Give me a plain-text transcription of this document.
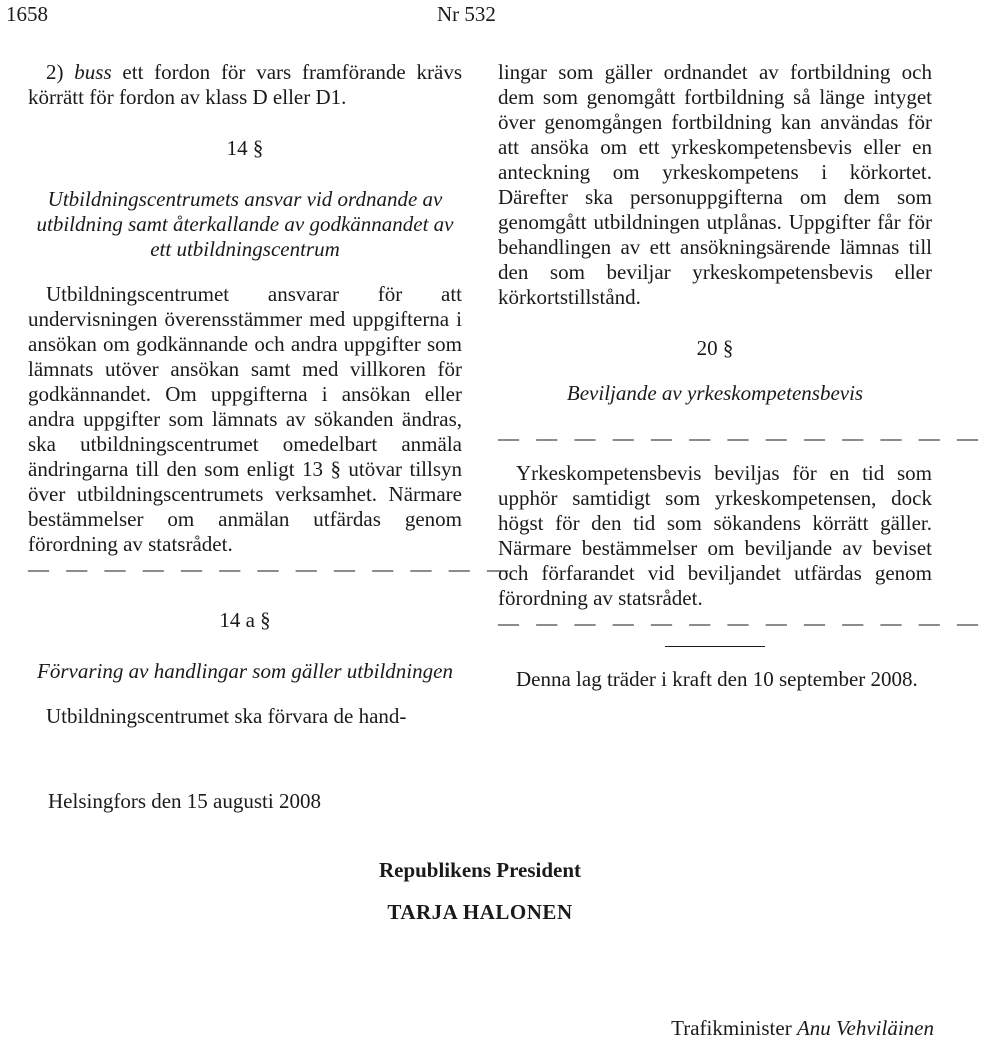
1658	Nr 532

2) buss ett fordon för vars framförande krävs körrätt för fordon av klass D eller D1.

14 §

Utbildningscentrumets ansvar vid ordnande av utbildning samt återkallande av godkännandet av ett utbildningscentrum

Utbildningscentrumet ansvarar för att undervisningen överensstämmer med uppgifterna i ansökan om godkännande och andra uppgifter som lämnats utöver ansökan samt med villkoren för godkännandet. Om uppgifterna i ansökan eller andra uppgifter som lämnats av sökanden ändras, ska utbildningscentrumet omedelbart anmäla ändringarna till den som enligt 13 § utövar tillsyn över utbildningscentrumets verksamhet. Närmare bestämmelser om anmälan utfärdas genom förordning av statsrådet.

— — — — — — — — — — — — —

14 a §

Förvaring av handlingar som gäller utbildningen

Utbildningscentrumet ska förvara de hand-

lingar som gäller ordnandet av fortbildning och dem som genomgått fortbildning så länge intyget över genomgången fortbildning kan användas för att ansöka om ett yrkeskompetensbevis eller en anteckning om yrkeskompetens i körkortet. Därefter ska personuppgifterna om dem som genomgått utbildningen utplånas. Uppgifter får för behandlingen av ett ansökningsärende lämnas till den som beviljar yrkeskompetensbevis eller körkortstillstånd.

20 §

Beviljande av yrkeskompetensbevis

— — — — — — — — — — — — —

Yrkeskompetensbevis beviljas för en tid som upphör samtidigt som yrkeskompetensen, dock högst för den tid som sökandens körrätt gäller. Närmare bestämmelser om beviljande av beviset och förfarandet vid beviljandet utfärdas genom förordning av statsrådet.

— — — — — — — — — — — — —

Denna lag träder i kraft den 10 september 2008.

Helsingfors den 15 augusti 2008
Republikens President
TARJA HALONEN
Trafikminister Anu Vehviläinen
